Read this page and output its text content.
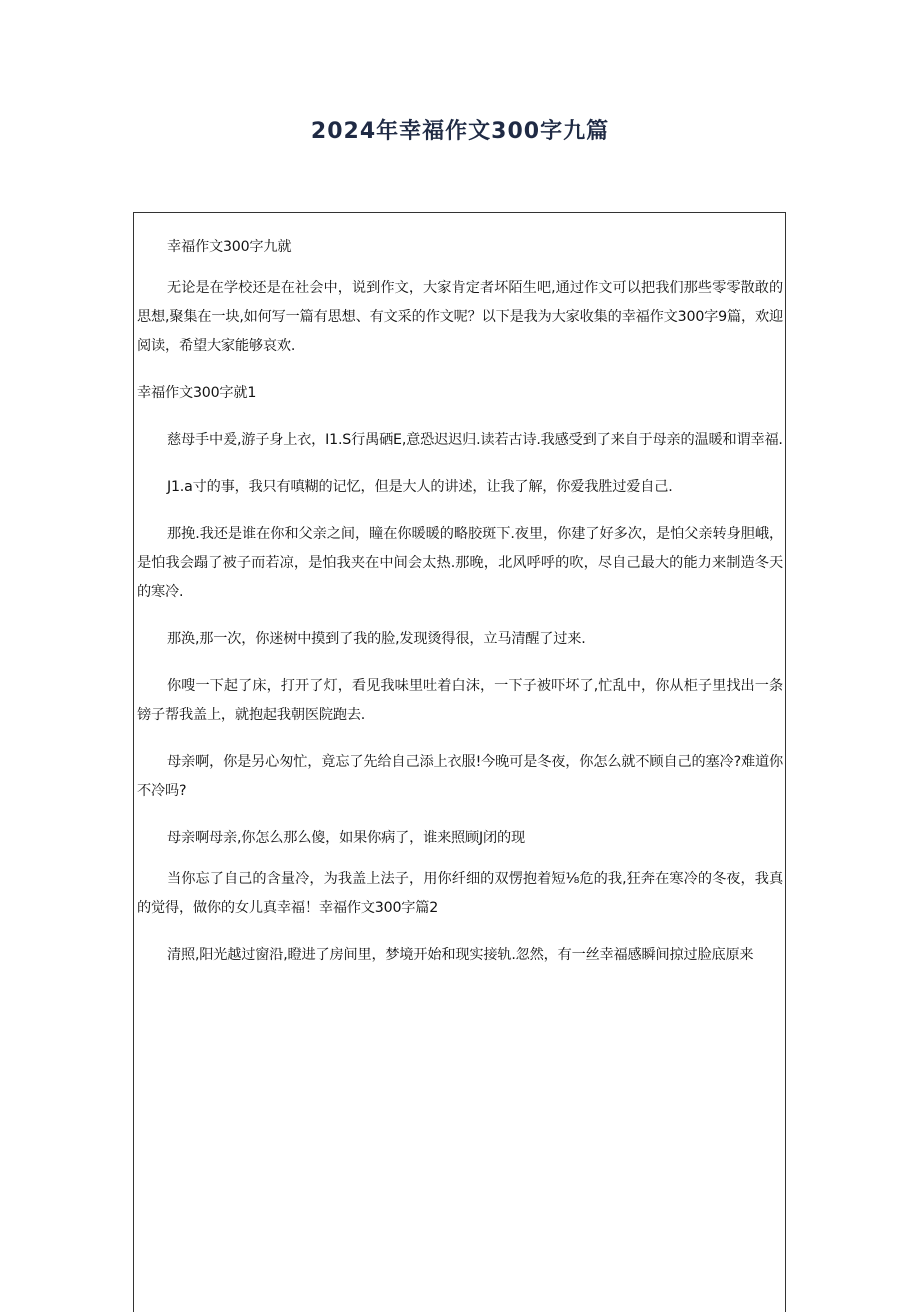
2024年幸福作文300字九篇

幸福作文300字九就

无论是在学校还是在社会中，说到作文，大家肯定者坏陌生吧,通过作文可以把我们那些零零散敢的思想,聚集在一块,如何写一篇有思想、有文采的作文呢？以下是我为大家收集的幸福作文300字9篇，欢迎阅读，希望大家能够哀欢.

幸福作文300字就1

慈母手中爰,游子身上衣，I1.S行禺硒E,意恐迟迟归.读若古诗.我感受到了来自于母亲的温暖和谓幸福.

J1.a寸的事，我只有嗔糊的记忆，但是大人的讲述，让我了解，你爱我胜过爱自己.

那挽.我还是谁在你和父亲之间，瞳在你暖暖的略胶斑下.夜里，你建了好多次，是怕父亲转身胆峨，是怕我会蹋了被子而若凉，是怕我夹在中间会太热.那晚，北风呼呼的吹，尽自己最大的能力来制造冬天的寒冷.

那涣,那一次，你迷树中摸到了我的脸,发现烫得很，立马清醒了过来.

你嗖一下起了床，打开了灯，看见我味里吐着白沫，一下子被吓坏了,忙乱中，你从柜子里找出一条镑子帮我盖上，就抱起我朝医院跑去.

母亲啊，你是另心匆忙，竟忘了先给自己添上衣服!今晚可是冬夜，你怎么就不顾自己的塞冷?难道你不冷吗?

母亲啊母亲,你怎么那么傻，如果你病了，谁来照顾J闭的现

当你忘了自己的含量冷，为我盖上法子，用你纤细的双愣抱着短⅛危的我,狂奔在寒冷的冬夜，我真的觉得，做你的女儿真幸福！幸福作文300字篇2

清照,阳光越过窗沿,瞪进了房间里，梦境开始和现实接轨.忽然，有一丝幸福感瞬间掠过脸底原来
